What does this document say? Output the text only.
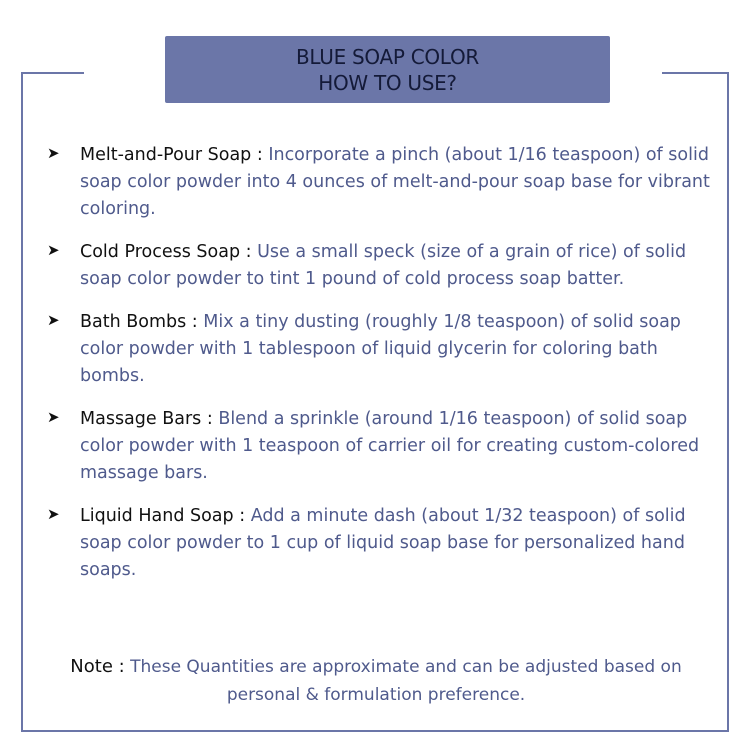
BLUE SOAP COLOR
HOW TO USE?
➤ Melt-and-Pour Soap : Incorporate a pinch (about 1/16 teaspoon) of solid soap color powder into 4 ounces of melt-and-pour soap base for vibrant coloring.
➤ Cold Process Soap : Use a small speck (size of a grain of rice) of solid soap color powder to tint 1 pound of cold process soap batter.
➤ Bath Bombs : Mix a tiny dusting (roughly 1/8 teaspoon) of solid soap color powder with 1 tablespoon of liquid glycerin for coloring bath bombs.
➤ Massage Bars : Blend a sprinkle (around 1/16 teaspoon) of solid soap color powder with 1 teaspoon of carrier oil for creating custom-colored massage bars.
➤ Liquid Hand Soap : Add a minute dash (about 1/32 teaspoon) of solid soap color powder to 1 cup of liquid soap base for personalized hand soaps.
Note : These Quantities are approximate and can be adjusted based on personal & formulation preference.
